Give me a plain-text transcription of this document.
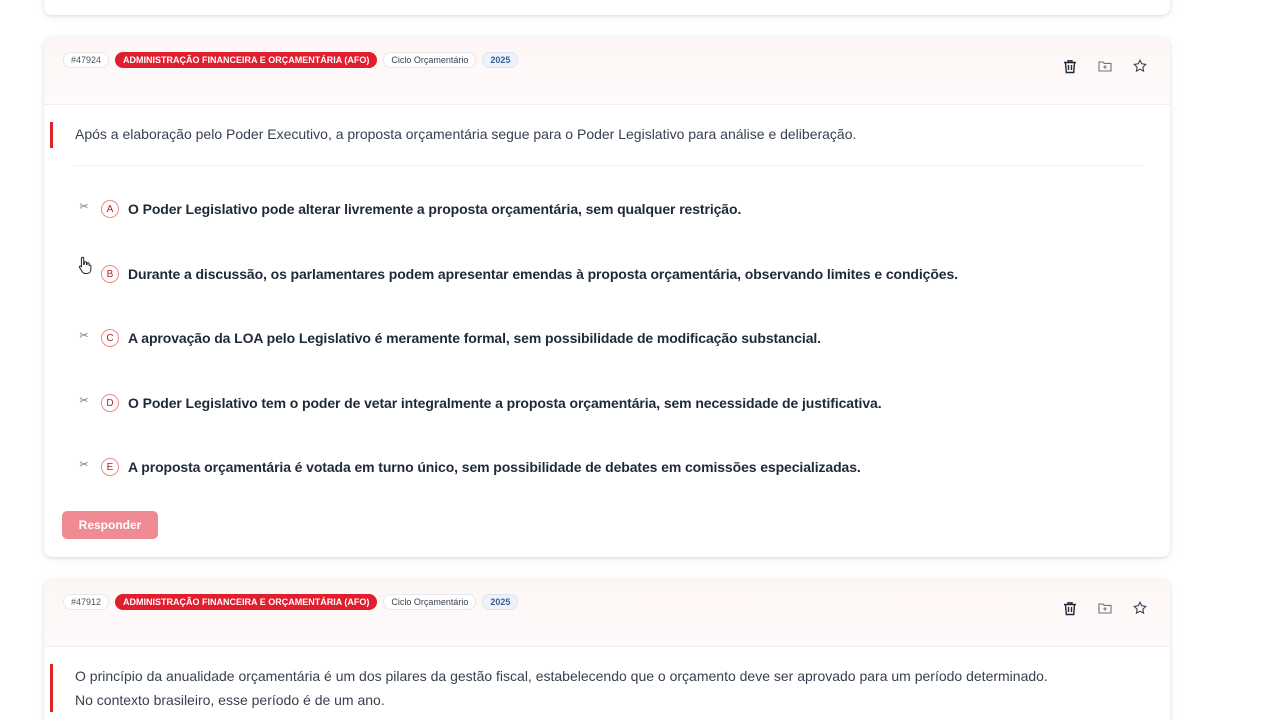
#47924	ADMINISTRAÇÃO FINANCEIRA E ORÇAMENTÁRIA (AFO)	Ciclo Orçamentário	2025
Após a elaboração pelo Poder Executivo, a proposta orçamentária segue para o Poder Legislativo para análise e deliberação.
✂	A	O Poder Legislativo pode alterar livremente a proposta orçamentária, sem qualquer restrição.
B	Durante a discussão, os parlamentares podem apresentar emendas à proposta orçamentária, observando limites e condições.
✂	C	A aprovação da LOA pelo Legislativo é meramente formal, sem possibilidade de modificação substancial.
✂	D	O Poder Legislativo tem o poder de vetar integralmente a proposta orçamentária, sem necessidade de justificativa.
✂	E	A proposta orçamentária é votada em turno único, sem possibilidade de debates em comissões especializadas.
Responder
#47912	ADMINISTRAÇÃO FINANCEIRA E ORÇAMENTÁRIA (AFO)	Ciclo Orçamentário	2025
O princípio da anualidade orçamentária é um dos pilares da gestão fiscal, estabelecendo que o orçamento deve ser aprovado para um período determinado.
No contexto brasileiro, esse período é de um ano.
